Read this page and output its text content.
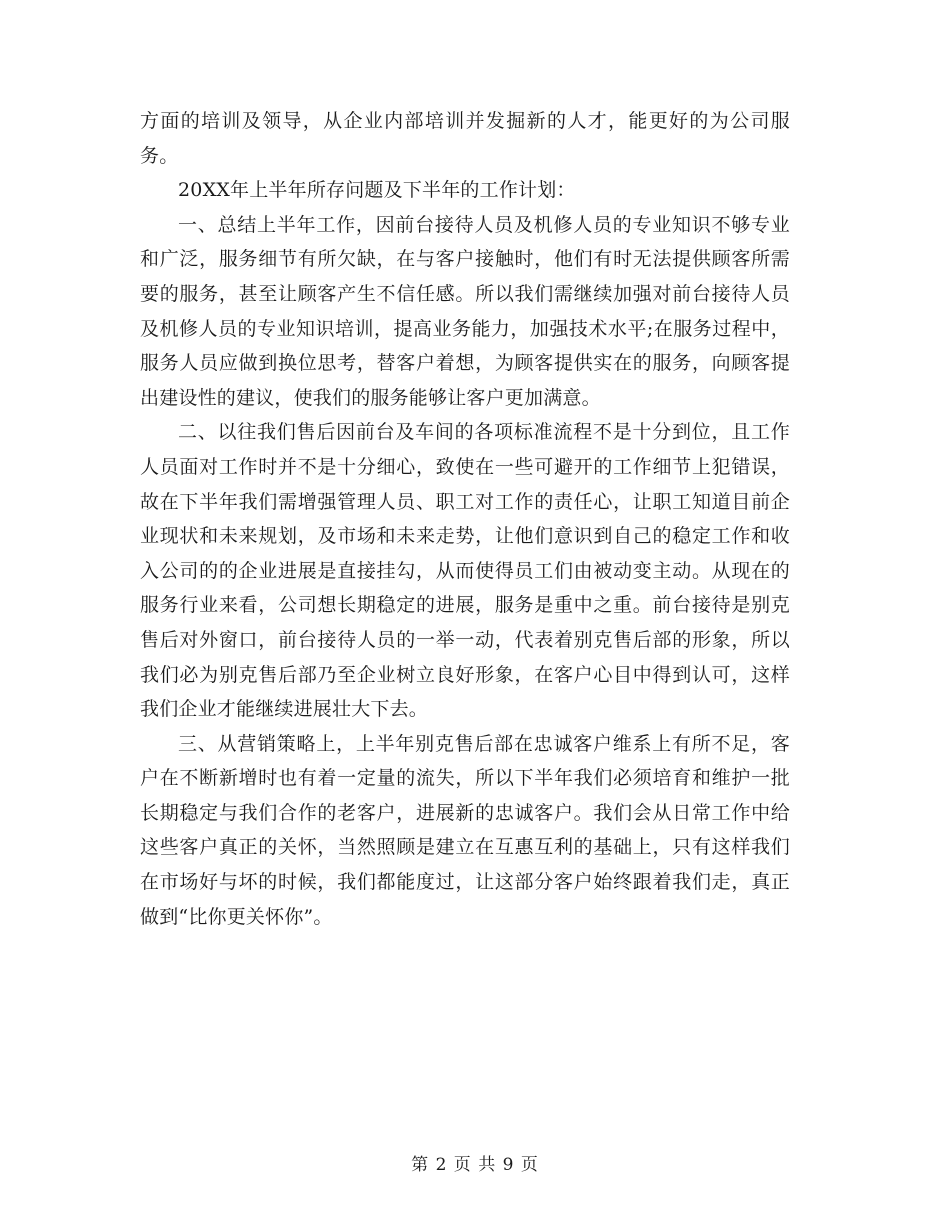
方面的培训及领导，从企业内部培训并发掘新的人才，能更好的为公司服务。

20XX年上半年所存问题及下半年的工作计划：

一、总结上半年工作，因前台接待人员及机修人员的专业知识不够专业和广泛，服务细节有所欠缺，在与客户接触时，他们有时无法提供顾客所需要的服务，甚至让顾客产生不信任感。所以我们需继续加强对前台接待人员及机修人员的专业知识培训，提高业务能力，加强技术水平;在服务过程中，服务人员应做到换位思考，替客户着想，为顾客提供实在的服务，向顾客提出建设性的建议，使我们的服务能够让客户更加满意。

二、以往我们售后因前台及车间的各项标准流程不是十分到位，且工作人员面对工作时并不是十分细心，致使在一些可避开的工作细节上犯错误，故在下半年我们需增强管理人员、职工对工作的责任心，让职工知道目前企业现状和未来规划，及市场和未来走势，让他们意识到自己的稳定工作和收入公司的的企业进展是直接挂勾，从而使得员工们由被动变主动。从现在的服务行业来看，公司想长期稳定的进展，服务是重中之重。前台接待是别克售后对外窗口，前台接待人员的一举一动，代表着别克售后部的形象，所以我们必为别克售后部乃至企业树立良好形象，在客户心目中得到认可，这样我们企业才能继续进展壮大下去。

三、从营销策略上，上半年别克售后部在忠诚客户维系上有所不足，客户在不断新增时也有着一定量的流失，所以下半年我们必须培育和维护一批长期稳定与我们合作的老客户，进展新的忠诚客户。我们会从日常工作中给这些客户真正的关怀，当然照顾是建立在互惠互利的基础上，只有这样我们在市场好与坏的时候，我们都能度过，让这部分客户始终跟着我们走，真正做到“比你更关怀你”。

第 2 页 共 9 页
